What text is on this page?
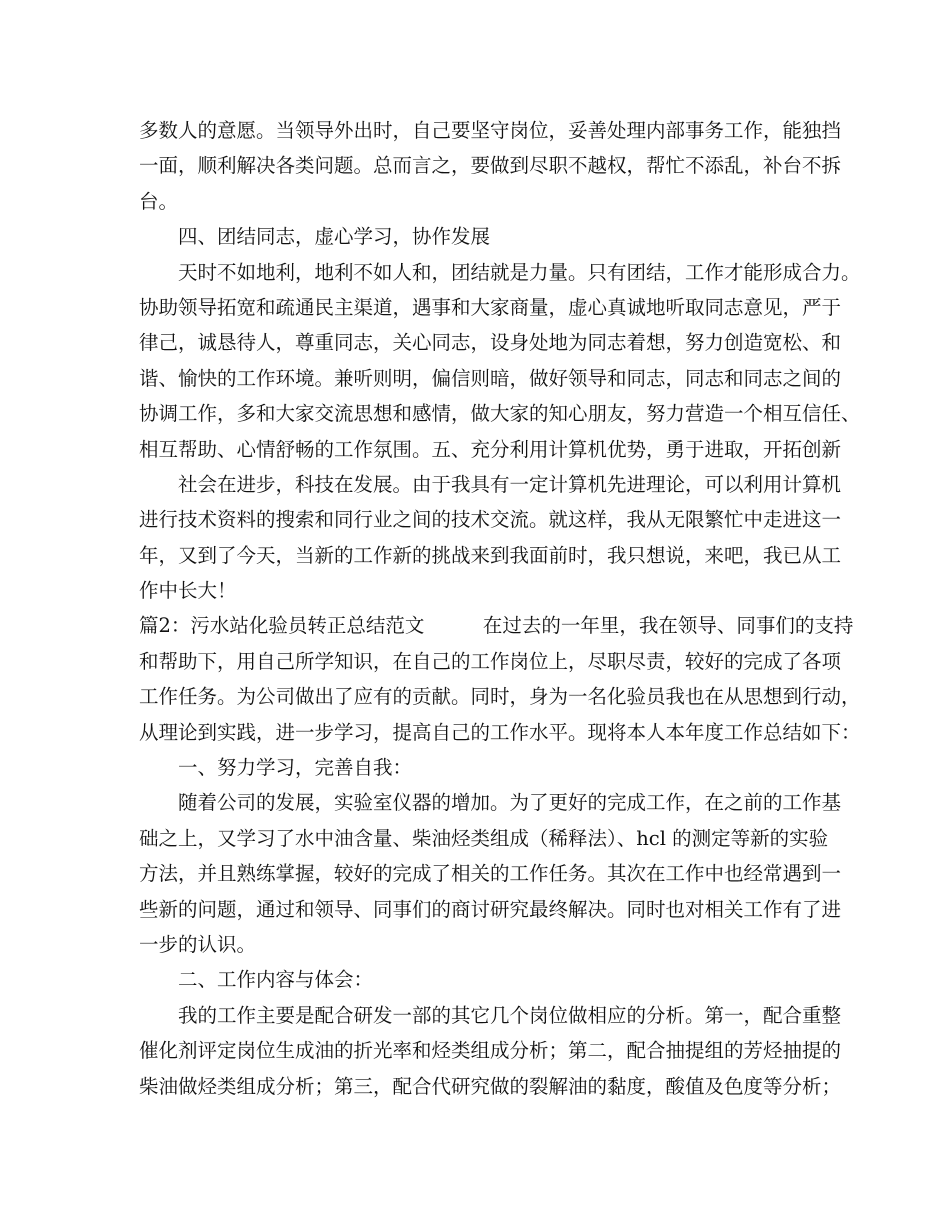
多数人的意愿。当领导外出时，自己要坚守岗位，妥善处理内部事务工作，能独挡
一面，顺利解决各类问题。总而言之，要做到尽职不越权，帮忙不添乱，补台不拆
台。
四、团结同志，虚心学习，协作发展
天时不如地利，地利不如人和，团结就是力量。只有团结，工作才能形成合力。
协助领导拓宽和疏通民主渠道，遇事和大家商量，虚心真诚地听取同志意见，严于
律己，诚恳待人，尊重同志，关心同志，设身处地为同志着想，努力创造宽松、和
谐、愉快的工作环境。兼听则明，偏信则暗，做好领导和同志，同志和同志之间的
协调工作，多和大家交流思想和感情，做大家的知心朋友，努力营造一个相互信任、
相互帮助、心情舒畅的工作氛围。五、充分利用计算机优势，勇于进取，开拓创新
社会在进步，科技在发展。由于我具有一定计算机先进理论，可以利用计算机
进行技术资料的搜索和同行业之间的技术交流。就这样，我从无限繁忙中走进这一
年，又到了今天，当新的工作新的挑战来到我面前时，我只想说，来吧，我已从工
作中长大！
篇2：污水站化验员转正总结范文　　　在过去的一年里，我在领导、同事们的支持
和帮助下，用自己所学知识，在自己的工作岗位上，尽职尽责，较好的完成了各项
工作任务。为公司做出了应有的贡献。同时，身为一名化验员我也在从思想到行动，
从理论到实践，进一步学习，提高自己的工作水平。现将本人本年度工作总结如下：
一、努力学习，完善自我：
随着公司的发展，实验室仪器的增加。为了更好的完成工作，在之前的工作基
础之上，又学习了水中油含量、柴油烃类组成（稀释法）、hcl 的测定等新的实验
方法，并且熟练掌握，较好的完成了相关的工作任务。其次在工作中也经常遇到一
些新的问题，通过和领导、同事们的商讨研究最终解决。同时也对相关工作有了进
一步的认识。
二、工作内容与体会：
我的工作主要是配合研发一部的其它几个岗位做相应的分析。第一，配合重整
催化剂评定岗位生成油的折光率和烃类组成分析；第二，配合抽提组的芳烃抽提的
柴油做烃类组成分析；第三，配合代研究做的裂解油的黏度，酸值及色度等分析；
